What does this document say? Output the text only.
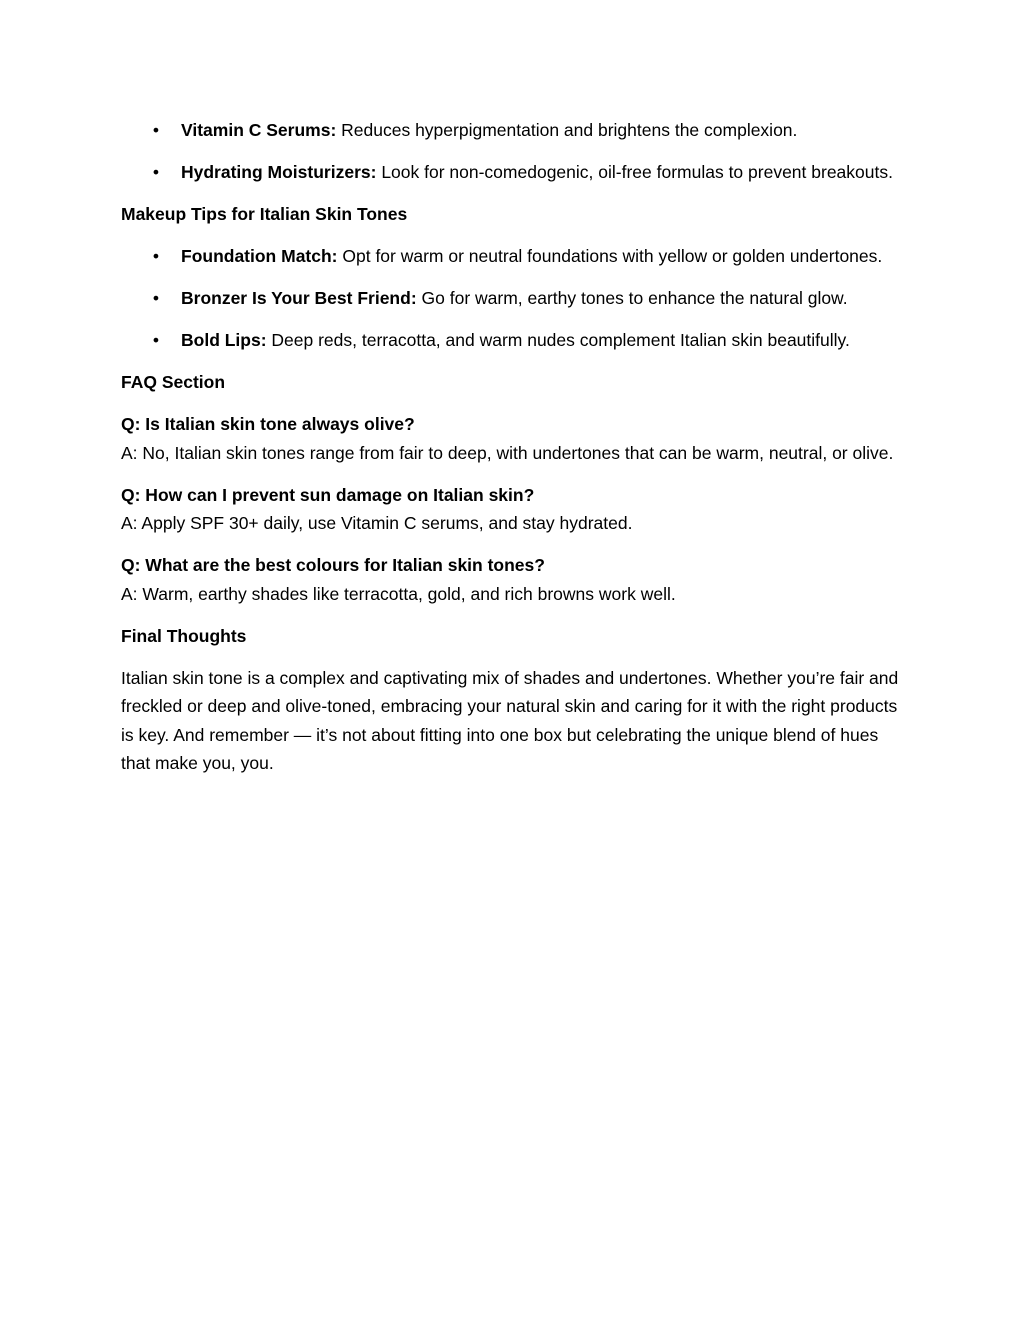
• Vitamin C Serums: Reduces hyperpigmentation and brightens the complexion.
• Hydrating Moisturizers: Look for non-comedogenic, oil-free formulas to prevent breakouts.
Makeup Tips for Italian Skin Tones
• Foundation Match: Opt for warm or neutral foundations with yellow or golden undertones.
• Bronzer Is Your Best Friend: Go for warm, earthy tones to enhance the natural glow.
• Bold Lips: Deep reds, terracotta, and warm nudes complement Italian skin beautifully.
FAQ Section
Q: Is Italian skin tone always olive?
A: No, Italian skin tones range from fair to deep, with undertones that can be warm, neutral, or olive.
Q: How can I prevent sun damage on Italian skin?
A: Apply SPF 30+ daily, use Vitamin C serums, and stay hydrated.
Q: What are the best colours for Italian skin tones?
A: Warm, earthy shades like terracotta, gold, and rich browns work well.
Final Thoughts

Italian skin tone is a complex and captivating mix of shades and undertones. Whether you’re fair and freckled or deep and olive-toned, embracing your natural skin and caring for it with the right products is key. And remember — it’s not about fitting into one box but celebrating the unique blend of hues that make you, you.
